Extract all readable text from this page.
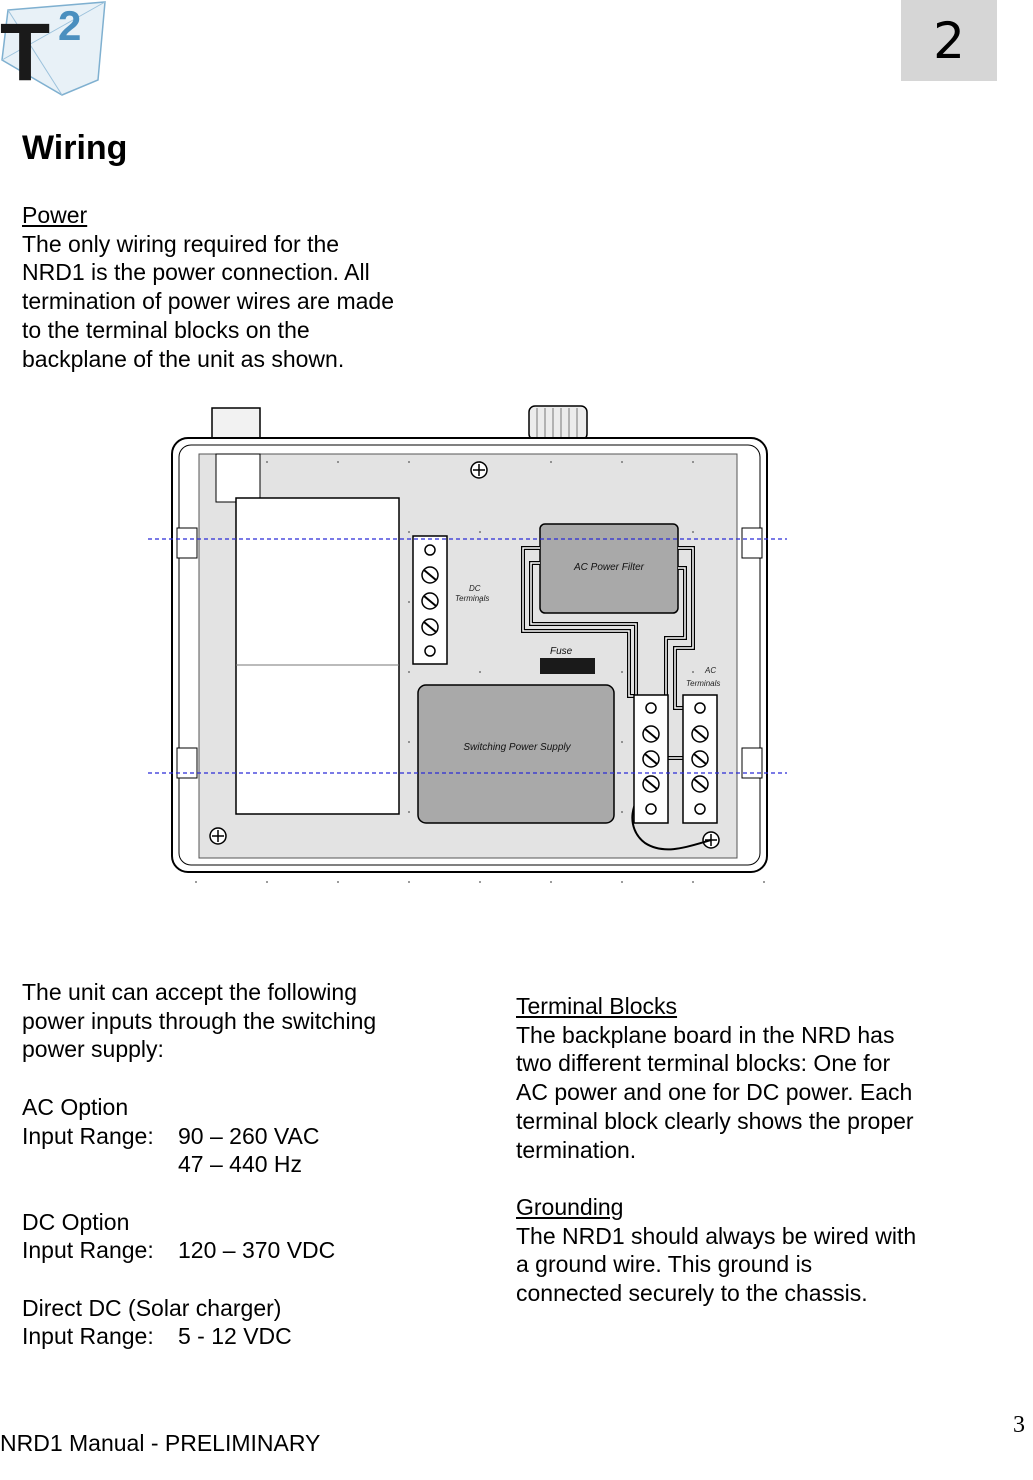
T 2	2
Wiring
Power
The only wiring required for the
NRD1 is the power connection. All
termination of power wires are made
to the terminal blocks on the
backplane of the unit as shown.
DC
Terminals
AC Power Filter
Fuse
Switching Power Supply
AC
Terminals
The unit can accept the following
power inputs through the switching
power supply:
AC Option
Input Range:	90 – 260 VAC
47 – 440 Hz
DC Option
Input Range:	120 – 370 VDC
Direct DC (Solar charger)
Input Range:	5 - 12 VDC
Terminal Blocks
The backplane board in the NRD has
two different terminal blocks: One for
AC power and one for DC power. Each
terminal block clearly shows the proper
termination.
Grounding
The NRD1 should always be wired with
a ground wire. This ground is
connected securely to the chassis.
NRD1 Manual - PRELIMINARY
3
